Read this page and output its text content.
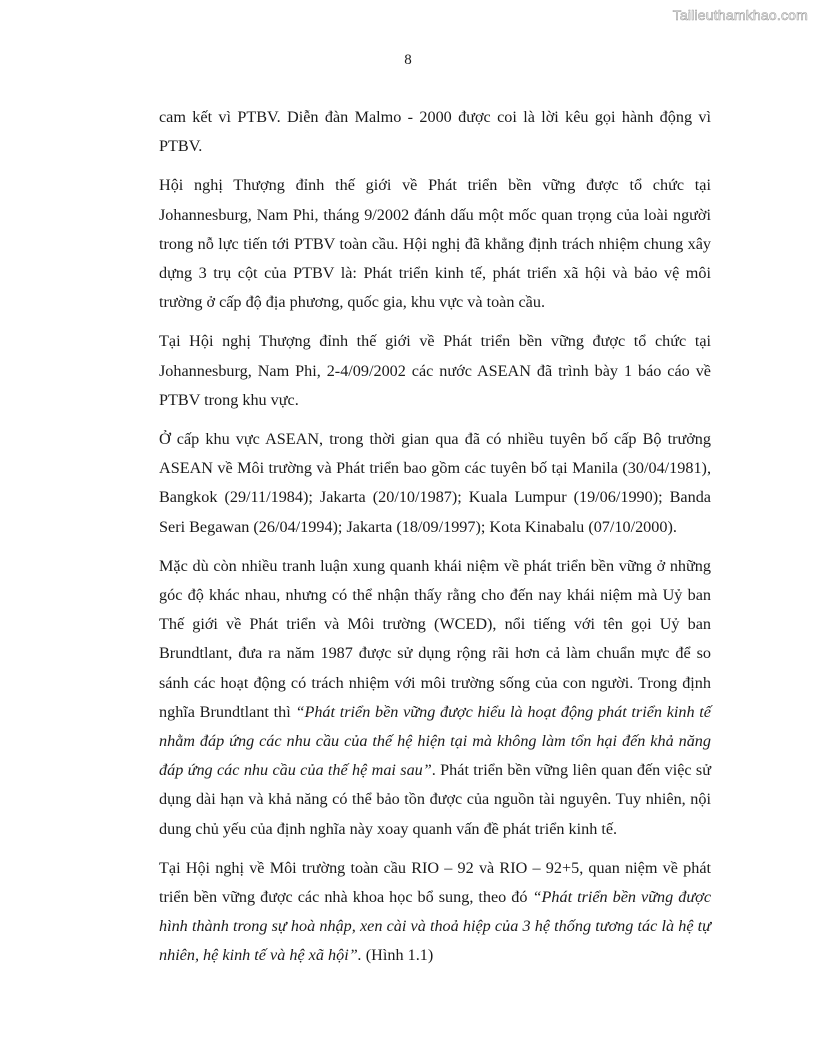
Tailieuthamkhao.com
8

cam kết vì PTBV. Diễn đàn Malmo - 2000 được coi là lời kêu gọi hành động vì PTBV.

Hội nghị Thượng đỉnh thế giới về Phát triển bền vững được tổ chức tại Johannesburg, Nam Phi, tháng 9/2002 đánh dấu một mốc quan trọng của loài người trong nỗ lực tiến tới PTBV toàn cầu. Hội nghị đã khẳng định trách nhiệm chung xây dựng 3 trụ cột của PTBV là: Phát triển kinh tế, phát triển xã hội và bảo vệ môi trường ở cấp độ địa phương, quốc gia, khu vực và toàn cầu.

Tại Hội nghị Thượng đỉnh thế giới về Phát triển bền vững được tổ chức tại Johannesburg, Nam Phi, 2-4/09/2002 các nước ASEAN đã trình bày 1 báo cáo về PTBV trong khu vực.

Ở cấp khu vực ASEAN, trong thời gian qua đã có nhiều tuyên bố cấp Bộ trưởng ASEAN về Môi trường và Phát triển bao gồm các tuyên bố tại Manila (30/04/1981), Bangkok (29/11/1984); Jakarta (20/10/1987); Kuala Lumpur (19/06/1990); Banda Seri Begawan (26/04/1994); Jakarta (18/09/1997); Kota Kinabalu (07/10/2000).

Mặc dù còn nhiều tranh luận xung quanh khái niệm về phát triển bền vững ở những góc độ khác nhau, nhưng có thể nhận thấy rằng cho đến nay khái niệm mà Uỷ ban Thế giới về Phát triển và Môi trường (WCED), nổi tiếng với tên gọi Uỷ ban Brundtlant, đưa ra năm 1987 được sử dụng rộng rãi hơn cả làm chuẩn mực để so sánh các hoạt động có trách nhiệm với môi trường sống của con người. Trong định nghĩa Brundtlant thì “Phát triển bền vững được hiểu là hoạt động phát triển kinh tế nhằm đáp ứng các nhu cầu của thế hệ hiện tại mà không làm tổn hại đến khả năng đáp ứng các nhu cầu của thế hệ mai sau”. Phát triển bền vững liên quan đến việc sử dụng dài hạn và khả năng có thể bảo tồn được của nguồn tài nguyên. Tuy nhiên, nội dung chủ yếu của định nghĩa này xoay quanh vấn đề phát triển kinh tế.

Tại Hội nghị về Môi trường toàn cầu RIO – 92 và RIO – 92+5, quan niệm về phát triển bền vững được các nhà khoa học bổ sung, theo đó “Phát triển bền vững được hình thành trong sự hoà nhập, xen cài và thoả hiệp của 3 hệ thống tương tác là hệ tự nhiên, hệ kinh tế và hệ xã hội”. (Hình 1.1)
